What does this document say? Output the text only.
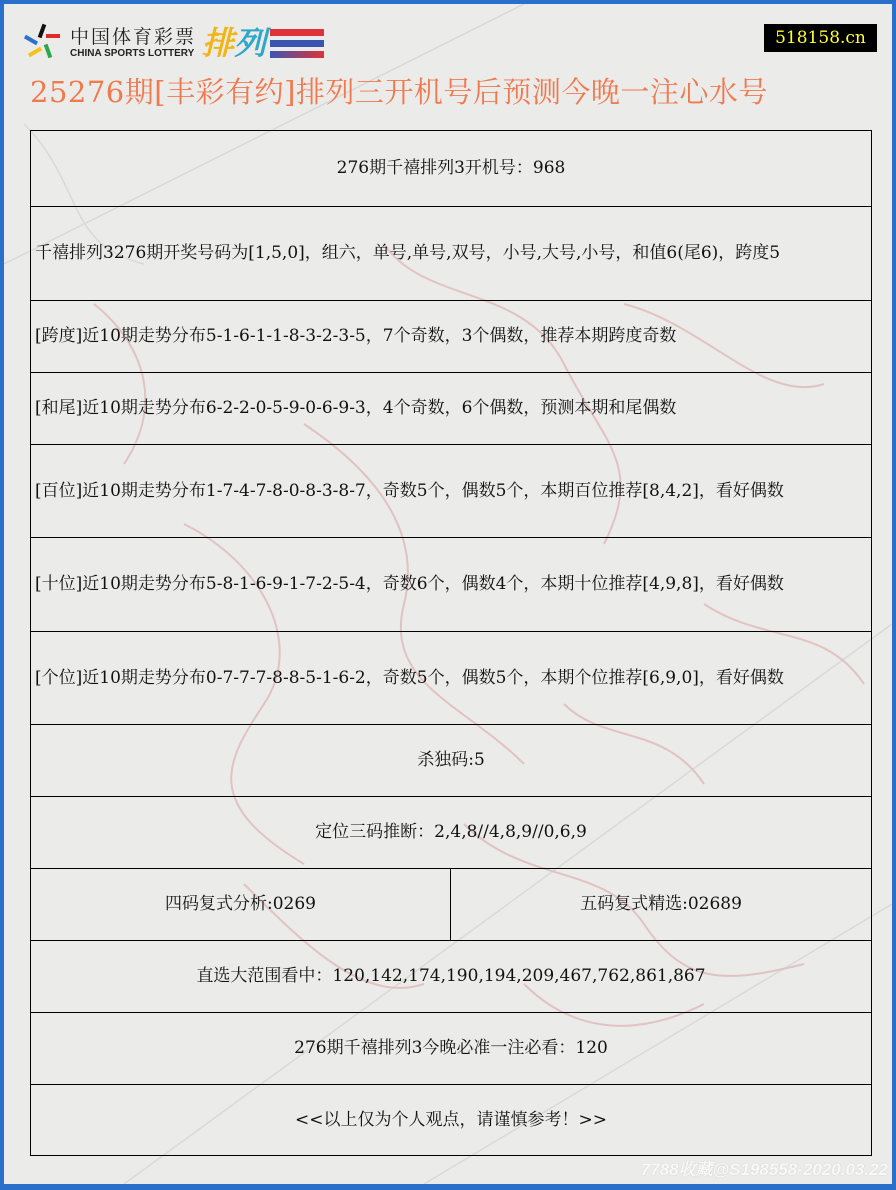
中国体育彩票
CHINA SPORTS LOTTERY 排 列	518158.cn
25276期[丰彩有约]排列三开机号后预测今晚一注心水号
276期千禧排列3开机号：968
千禧排列3276期开奖号码为[1,5,0]，组六，单号,单号,双号，小号,大号,小号，和值6(尾6)，跨度5
[跨度]近10期走势分布5-1-6-1-1-8-3-2-3-5，7个奇数，3个偶数，推荐本期跨度奇数
[和尾]近10期走势分布6-2-2-0-5-9-0-6-9-3，4个奇数，6个偶数，预测本期和尾偶数
[百位]近10期走势分布1-7-4-7-8-0-8-3-8-7，奇数5个，偶数5个，本期百位推荐[8,4,2]，看好偶数
[十位]近10期走势分布5-8-1-6-9-1-7-2-5-4，奇数6个，偶数4个，本期十位推荐[4,9,8]，看好偶数
[个位]近10期走势分布0-7-7-7-8-8-5-1-6-2，奇数5个，偶数5个，本期个位推荐[6,9,0]，看好偶数
杀独码:5
定位三码推断：2,4,8//4,8,9//0,6,9
四码复式分析:0269	五码复式精选:02689
直选大范围看中：120,142,174,190,194,209,467,762,861,867
276期千禧排列3今晚必准一注必看：120
<<以上仅为个人观点，请谨慎参考！>>
7788收藏@S198558-2020.03.22
